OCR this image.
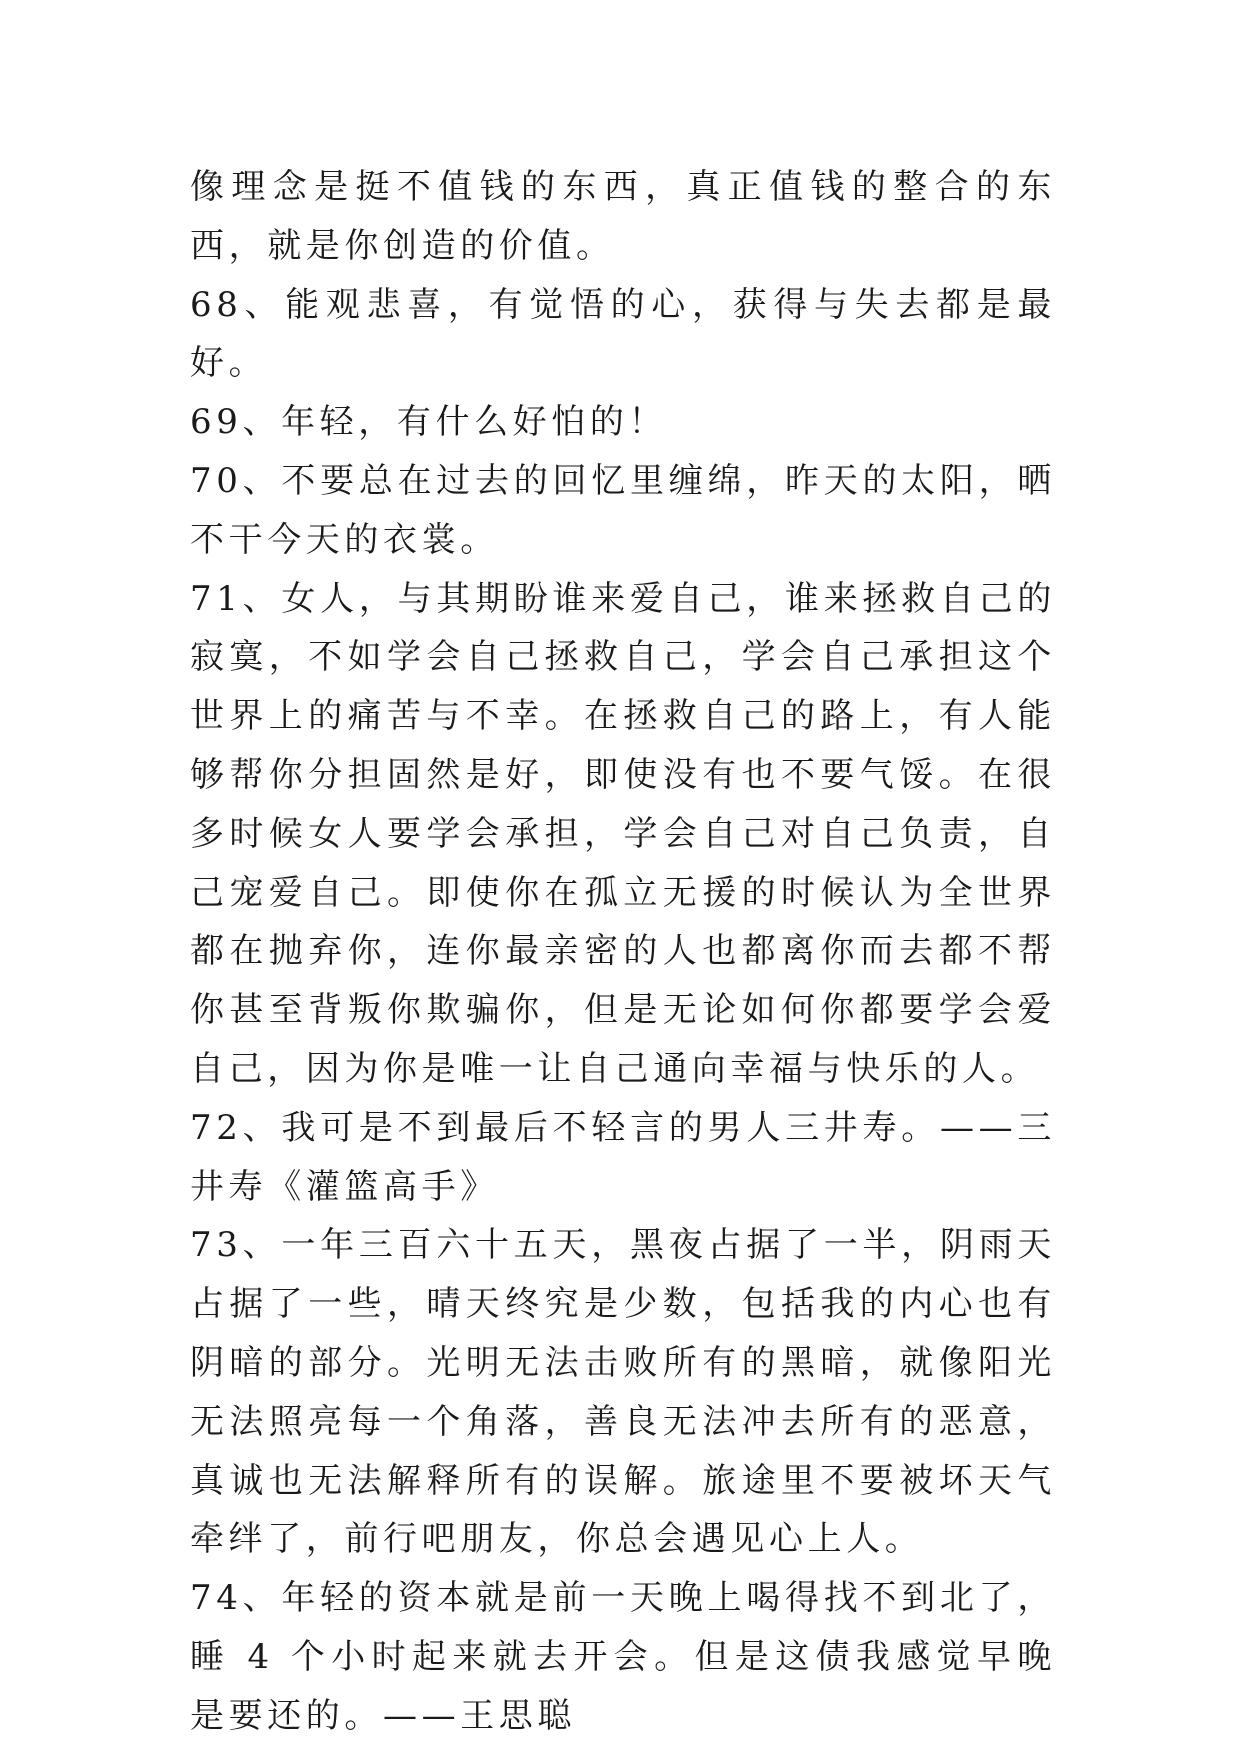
像理念是挺不值钱的东西，真正值钱的整合的东西，就是你创造的价值。

68、能观悲喜，有觉悟的心，获得与失去都是最好。

69、年轻，有什么好怕的！

70、不要总在过去的回忆里缠绵，昨天的太阳，晒不干今天的衣裳。

71、女人，与其期盼谁来爱自己，谁来拯救自己的寂寞，不如学会自己拯救自己，学会自己承担这个世界上的痛苦与不幸。在拯救自己的路上，有人能够帮你分担固然是好，即使没有也不要气馁。在很多时候女人要学会承担，学会自己对自己负责，自己宠爱自己。即使你在孤立无援的时候认为全世界都在抛弃你，连你最亲密的人也都离你而去都不帮你甚至背叛你欺骗你，但是无论如何你都要学会爱自己，因为你是唯一让自己通向幸福与快乐的人。

72、我可是不到最后不轻言的男人三井寿。——三井寿《灌篮高手》

73、一年三百六十五天，黑夜占据了一半，阴雨天占据了一些，晴天终究是少数，包括我的内心也有阴暗的部分。光明无法击败所有的黑暗，就像阳光无法照亮每一个角落，善良无法冲去所有的恶意，真诚也无法解释所有的误解。旅途里不要被坏天气牵绊了，前行吧朋友，你总会遇见心上人。

74、年轻的资本就是前一天晚上喝得找不到北了，睡 4 个小时起来就去开会。但是这债我感觉早晚是要还的。——王思聪
